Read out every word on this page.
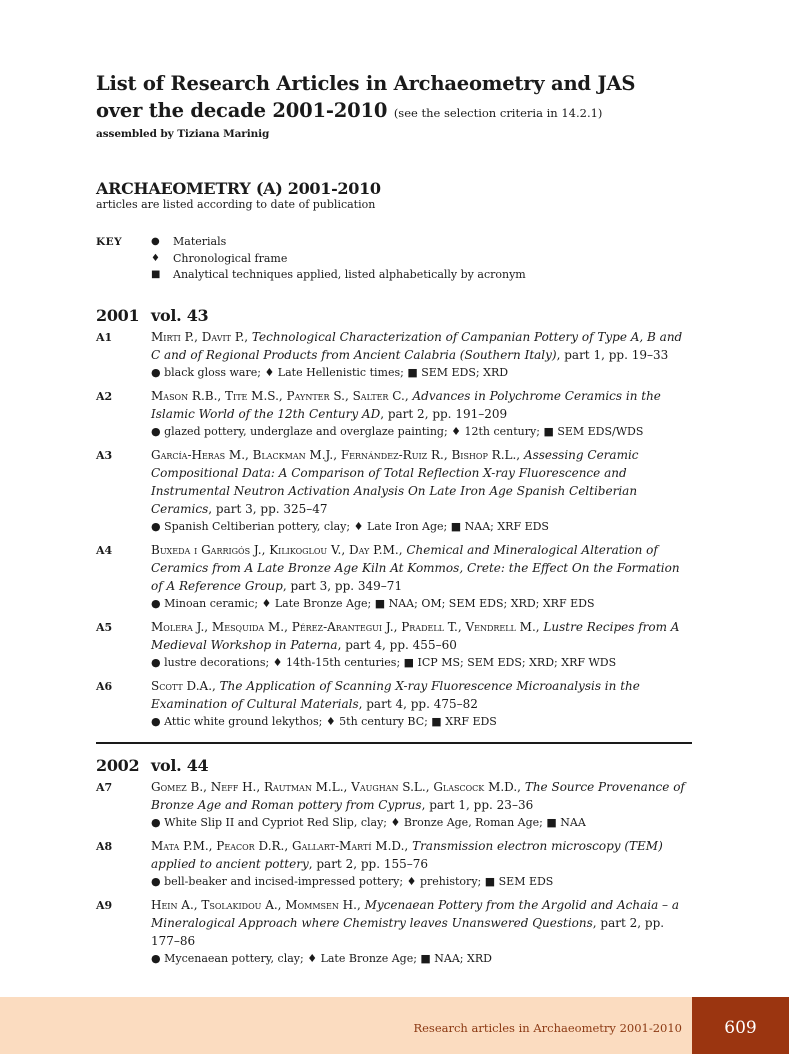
List of Research Articles in Archaeometry and JAS
over the decade 2001-2010 (see the selection criteria in 14.2.1)
assembled by Tiziana Marinig
ARCHAEOMETRY (A) 2001-2010
articles are listed according to date of publication
KEY	●	Materials
♦	Chronological frame
■	Analytical techniques applied, listed alphabetically by acronym
2001 vol. 43
A1	Mirti P., Davit P., Technological Characterization of Campanian Pottery of Type A, B and C and of Regional Products from Ancient Calabria (Southern Italy), part 1, pp. 19–33
● black gloss ware; ♦ Late Hellenistic times; ■ SEM EDS; XRD
A2	Mason R.B., Tite M.S., Paynter S., Salter C., Advances in Polychrome Ceramics in the Islamic World of the 12th Century AD, part 2, pp. 191–209
● glazed pottery, underglaze and overglaze painting; ♦ 12th century; ■ SEM EDS/WDS
A3	García-Heras M., Blackman M.J., Fernández-Ruiz R., Bishop R.L., Assessing Ceramic Compositional Data: A Comparison of Total Reflection X-ray Fluorescence and Instrumental Neutron Activation Analysis On Late Iron Age Spanish Celtiberian Ceramics, part 3, pp. 325–47
● Spanish Celtiberian pottery, clay; ♦ Late Iron Age; ■ NAA; XRF EDS
A4	Buxeda i Garrigós J., Kilikoglou V., Day P.M., Chemical and Mineralogical Alteration of Ceramics from A Late Bronze Age Kiln At Kommos, Crete: the Effect On the Formation of A Reference Group, part 3, pp. 349–71
● Minoan ceramic; ♦ Late Bronze Age; ■ NAA; OM; SEM EDS; XRD; XRF EDS
A5	Molera J., Mesquida M., Pérez-Arantegui J., Pradell T., Vendrell M., Lustre Recipes from A Medieval Workshop in Paterna, part 4, pp. 455–60
● lustre decorations; ♦ 14th-15th centuries; ■ ICP MS; SEM EDS; XRD; XRF WDS
A6	Scott D.A., The Application of Scanning X-ray Fluorescence Microanalysis in the Examination of Cultural Materials, part 4, pp. 475–82
● Attic white ground lekythos; ♦ 5th century BC; ■ XRF EDS
2002 vol. 44
A7	Gomez B., Neff H., Rautman M.L., Vaughan S.L., Glascock M.D., The Source Provenance of Bronze Age and Roman pottery from Cyprus, part 1, pp. 23–36
● White Slip II and Cypriot Red Slip, clay; ♦ Bronze Age, Roman Age; ■ NAA
A8	Mata P.M., Peacor D.R., Gallart-Martí M.D., Transmission electron microscopy (TEM) applied to ancient pottery, part 2, pp. 155–76
● bell-beaker and incised-impressed pottery; ♦ prehistory; ■ SEM EDS
A9	Hein A., Tsolakidou A., Mommsen H., Mycenaean Pottery from the Argolid and Achaia – a Mineralogical Approach where Chemistry leaves Unanswered Questions, part 2, pp. 177–86
● Mycenaean pottery, clay; ♦ Late Bronze Age; ■ NAA; XRD
Research articles in Archaeometry 2001-2010	609
